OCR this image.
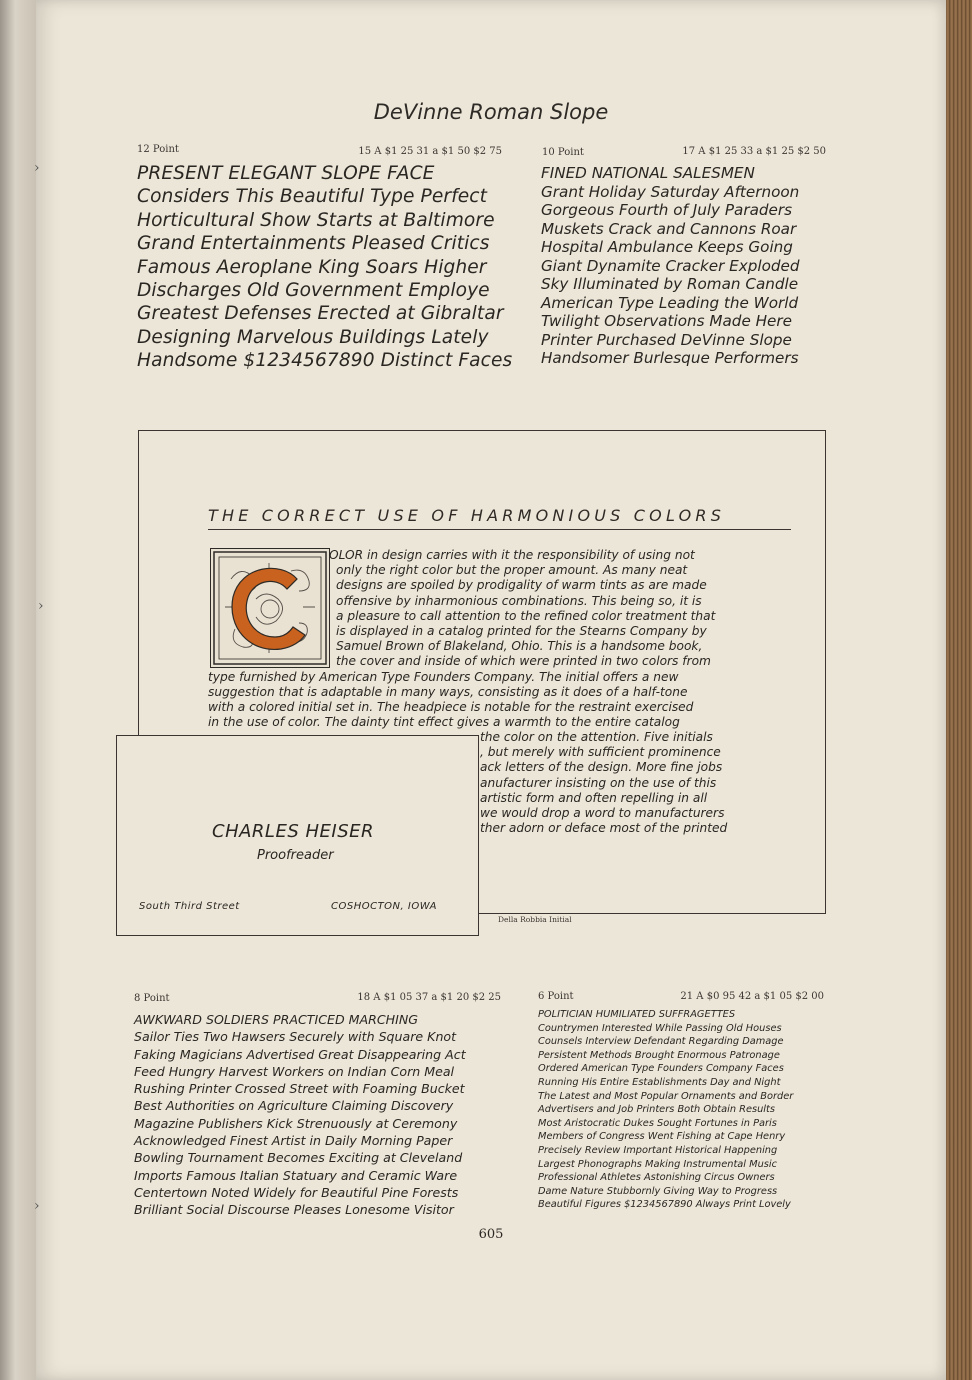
DeVinne Roman Slope
12 Point	15 A $1 25 31 a $1 50 $2 75
PRESENT ELEGANT SLOPE FACE
Considers This Beautiful Type Perfect
Horticultural Show Starts at Baltimore
Grand Entertainments Pleased Critics
Famous Aeroplane King Soars Higher
Discharges Old Government Employe
Greatest Defenses Erected at Gibraltar
Designing Marvelous Buildings Lately
Handsome $1234567890 Distinct Faces
10 Point	17 A $1 25 33 a $1 25 $2 50
FINED NATIONAL SALESMEN
Grant Holiday Saturday Afternoon
Gorgeous Fourth of July Paraders
Muskets Crack and Cannons Roar
Hospital Ambulance Keeps Going
Giant Dynamite Cracker Exploded
Sky Illuminated by Roman Candle
American Type Leading the World
Twilight Observations Made Here
Printer Purchased DeVinne Slope
Handsomer Burlesque Performers
THE CORRECT USE OF HARMONIOUS COLORS
OLOR in design carries with it the responsibility of using not
only the right color but the proper amount. As many neat
designs are spoiled by prodigality of warm tints as are made
offensive by inharmonious combinations. This being so, it is
a pleasure to call attention to the refined color treatment that
is displayed in a catalog printed for the Stearns Company by
Samuel Brown of Blakeland, Ohio. This is a handsome book,
the cover and inside of which were printed in two colors from
type furnished by American Type Founders Company. The initial offers a new
suggestion that is adaptable in many ways, consisting as it does of a half-tone
with a colored initial set in. The headpiece is notable for the restraint exercised
in the use of color. The dainty tint effect gives a warmth to the entire catalog
the color on the attention. Five initials
, but merely with sufficient prominence
ack letters of the design. More fine jobs
anufacturer insisting on the use of this
artistic form and often repelling in all
we would drop a word to manufacturers
ther adorn or deface most of the printed
CHARLES HEISER
Proofreader
South Third Street	COSHOCTON, IOWA
Della Robbia Initial
8 Point	18 A $1 05 37 a $1 20 $2 25
AWKWARD SOLDIERS PRACTICED MARCHING
Sailor Ties Two Hawsers Securely with Square Knot
Faking Magicians Advertised Great Disappearing Act
Feed Hungry Harvest Workers on Indian Corn Meal
Rushing Printer Crossed Street with Foaming Bucket
Best Authorities on Agriculture Claiming Discovery
Magazine Publishers Kick Strenuously at Ceremony
Acknowledged Finest Artist in Daily Morning Paper
Bowling Tournament Becomes Exciting at Cleveland
Imports Famous Italian Statuary and Ceramic Ware
Centertown Noted Widely for Beautiful Pine Forests
Brilliant Social Discourse Pleases Lonesome Visitor
6 Point	21 A $0 95 42 a $1 05 $2 00
POLITICIAN HUMILIATED SUFFRAGETTES
Countrymen Interested While Passing Old Houses
Counsels Interview Defendant Regarding Damage
Persistent Methods Brought Enormous Patronage
Ordered American Type Founders Company Faces
Running His Entire Establishments Day and Night
The Latest and Most Popular Ornaments and Border
Advertisers and Job Printers Both Obtain Results
Most Aristocratic Dukes Sought Fortunes in Paris
Members of Congress Went Fishing at Cape Henry
Precisely Review Important Historical Happening
Largest Phonographs Making Instrumental Music
Professional Athletes Astonishing Circus Owners
Dame Nature Stubbornly Giving Way to Progress
Beautiful Figures $1234567890 Always Print Lovely
605
›
›
›
